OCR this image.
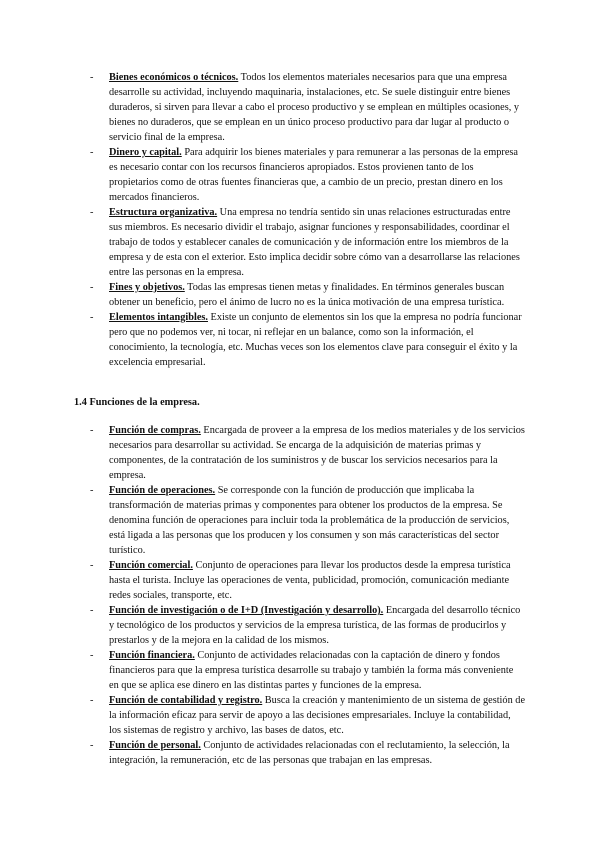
- Bienes económicos o técnicos. Todos los elementos materiales necesarios para que una empresa desarrolle su actividad, incluyendo maquinaria, instalaciones, etc. Se suele distinguir entre bienes duraderos, si sirven para llevar a cabo el proceso productivo y se emplean en múltiples ocasiones, y bienes no duraderos, que se emplean en un único proceso productivo para dar lugar al producto o servicio final de la empresa.
- Dinero y capital. Para adquirir los bienes materiales y para remunerar a las personas de la empresa es necesario contar con los recursos financieros apropiados. Estos provienen tanto de los propietarios como de otras fuentes financieras que, a cambio de un precio, prestan dinero en los mercados financieros.
- Estructura organizativa. Una empresa no tendría sentido sin unas relaciones estructuradas entre sus miembros. Es necesario dividir el trabajo, asignar funciones y responsabilidades, coordinar el trabajo de todos y establecer canales de comunicación y de información entre los miembros de la empresa y de esta con el exterior. Esto implica decidir sobre cómo van a desarrollarse las relaciones entre las personas en la empresa.
- Fines y objetivos. Todas las empresas tienen metas y finalidades. En términos generales buscan obtener un beneficio, pero el ánimo de lucro no es la única motivación de una empresa turística.
- Elementos intangibles. Existe un conjunto de elementos sin los que la empresa no podría funcionar pero que no podemos ver, ni tocar, ni reflejar en un balance, como son la información, el conocimiento, la tecnología, etc. Muchas veces son los elementos clave para conseguir el éxito y la excelencia empresarial.
1.4 Funciones de la empresa.
- Función de compras. Encargada de proveer a la empresa de los medios materiales y de los servicios necesarios para desarrollar su actividad. Se encarga de la adquisición de materias primas y componentes, de la contratación de los suministros y de buscar los servicios necesarios para la empresa.
- Función de operaciones. Se corresponde con la función de producción que implicaba la transformación de materias primas y componentes para obtener los productos de la empresa. Se denomina función de operaciones para incluir toda la problemática de la producción de servicios, está ligada a las personas que los producen y los consumen y son más características del sector turístico.
- Función comercial. Conjunto de operaciones para llevar los productos desde la empresa turística hasta el turista. Incluye las operaciones de venta, publicidad, promoción, comunicación mediante redes sociales, transporte, etc.
- Función de investigación o de I+D (Investigación y desarrollo). Encargada del desarrollo técnico y tecnológico de los productos y servicios de la empresa turística, de las formas de producirlos y prestarlos y de la mejora en la calidad de los mismos.
- Función financiera. Conjunto de actividades relacionadas con la captación de dinero y fondos financieros para que la empresa turística desarrolle su trabajo y también la forma más conveniente en que se aplica ese dinero en las distintas partes y funciones de la empresa.
- Función de contabilidad y registro. Busca la creación y mantenimiento de un sistema de gestión de la información eficaz para servir de apoyo a las decisiones empresariales. Incluye la contabilidad, los sistemas de registro y archivo, las bases de datos, etc.
- Función de personal. Conjunto de actividades relacionadas con el reclutamiento, la selección, la integración, la remuneración, etc de las personas que trabajan en las empresas.
